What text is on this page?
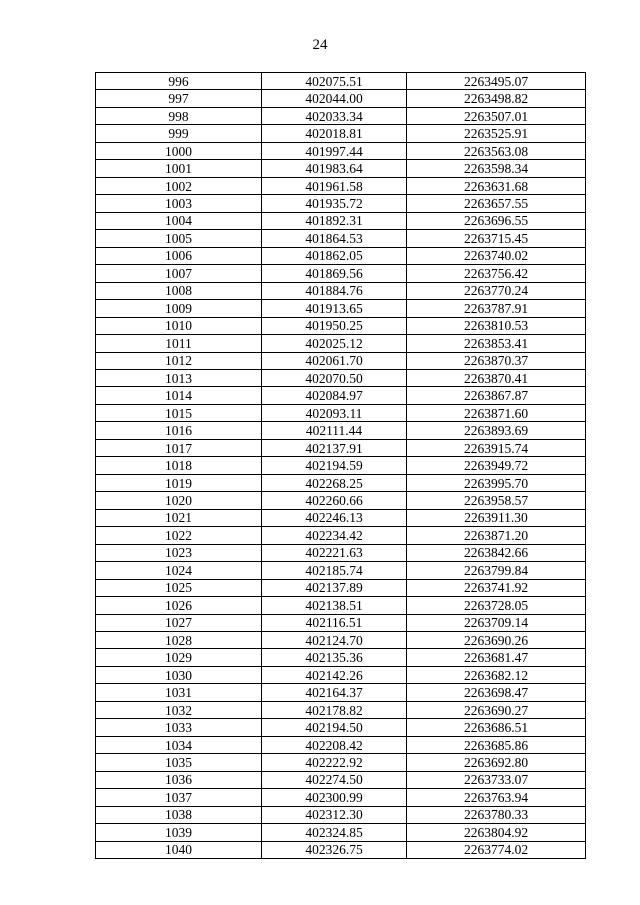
24
996	402075.51	2263495.07
997	402044.00	2263498.82
998	402033.34	2263507.01
999	402018.81	2263525.91
1000	401997.44	2263563.08
1001	401983.64	2263598.34
1002	401961.58	2263631.68
1003	401935.72	2263657.55
1004	401892.31	2263696.55
1005	401864.53	2263715.45
1006	401862.05	2263740.02
1007	401869.56	2263756.42
1008	401884.76	2263770.24
1009	401913.65	2263787.91
1010	401950.25	2263810.53
1011	402025.12	2263853.41
1012	402061.70	2263870.37
1013	402070.50	2263870.41
1014	402084.97	2263867.87
1015	402093.11	2263871.60
1016	402111.44	2263893.69
1017	402137.91	2263915.74
1018	402194.59	2263949.72
1019	402268.25	2263995.70
1020	402260.66	2263958.57
1021	402246.13	2263911.30
1022	402234.42	2263871.20
1023	402221.63	2263842.66
1024	402185.74	2263799.84
1025	402137.89	2263741.92
1026	402138.51	2263728.05
1027	402116.51	2263709.14
1028	402124.70	2263690.26
1029	402135.36	2263681.47
1030	402142.26	2263682.12
1031	402164.37	2263698.47
1032	402178.82	2263690.27
1033	402194.50	2263686.51
1034	402208.42	2263685.86
1035	402222.92	2263692.80
1036	402274.50	2263733.07
1037	402300.99	2263763.94
1038	402312.30	2263780.33
1039	402324.85	2263804.92
1040	402326.75	2263774.02
